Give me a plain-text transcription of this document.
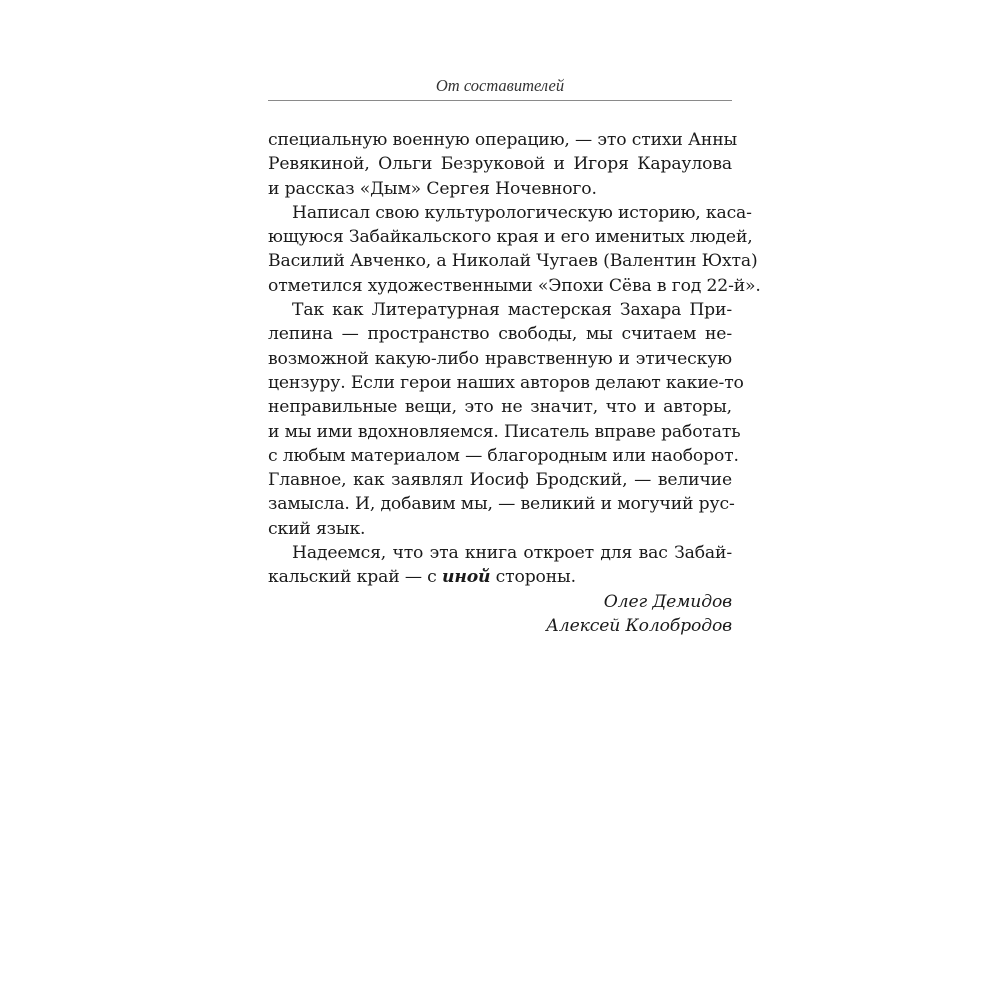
От составителей
специальную военную операцию, — это стихи Анны
Ревякиной, Ольги Безруковой и Игоря Караулова
и рассказ «Дым» Сергея Ночевного.
Написал свою культурологическую историю, каса-
ющуюся Забайкальского края и его именитых людей,
Василий Авченко, а Николай Чугаев (Валентин Юхта)
отметился художественными «Эпохи Сёва в год 22-й».
Так как Литературная мастерская Захара При-
лепина — пространство свободы, мы считаем не-
возможной какую-либо нравственную и этическую
цензуру. Если герои наших авторов делают какие-то
неправильные вещи, это не значит, что и авторы,
и мы ими вдохновляемся. Писатель вправе работать
с любым материалом — благородным или наоборот.
Главное, как заявлял Иосиф Бродский, — величие
замысла. И, добавим мы, — великий и могучий рус-
ский язык.
Надеемся, что эта книга откроет для вас Забай-
кальский край — с иной стороны.
Олег Демидов
Алексей Колобродов
